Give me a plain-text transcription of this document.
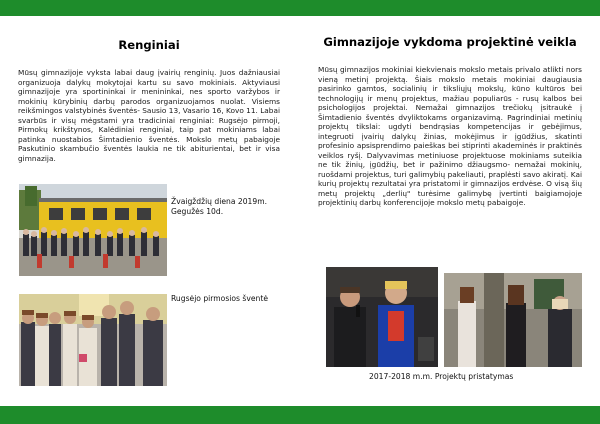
Renginiai

Mūsų gimnazijoje vyksta labai daug įvairių renginių. Juos dažniausiai organizuoja dalykų mokytojai kartu su savo mokiniais. Aktyviausi gimnazijoje yra sportininkai ir menininkai, nes sporto varžybos ir mokinių kūrybinių darbų parodos organizuojamos nuolat. Visiems reikšmingos valstybinės šventės- Sausio 13, Vasario 16, Kovo 11. Labai svarbūs ir visų mėgstami yra tradiciniai renginiai: Rugsėjo pirmoji, Pirmokų krikštynos, Kalėdiniai renginiai, taip pat mokiniams labai patinka nuostabios Šimtadienio šventės. Mokslo metų pabaigoje Paskutinio skambučio šventės laukia ne tik abiturientai, bet ir visa gimnazija.

Gimnazijoje vykdoma projektinė veikla

Mūsų gimnazijos mokiniai kiekvienais mokslo metais privalo atlikti nors vieną metinį projektą. Šiais mokslo metais mokiniai daugiausia pasirinko gamtos, socialinių ir tiksliųjų mokslų, kūno kultūros bei technologijų ir menų projektus, mažiau populiarūs - rusų kalbos bei psichologijos projektai. Nemažai gimnazijos trečiokų įsitraukė į Šimtadienio šventės dvyliktokams organizavimą. Pagrindiniai metinių projektų tikslai: ugdyti bendrąsias kompetencijas ir gebėjimus, integruoti įvairių dalykų žinias, mokėjimus ir įgūdžius, skatinti profesinio apsisprendimo paieškas bei stiprinti akademinės ir praktinės veiklos ryšį. Dalyvavimas metiniuose projektuose mokiniams suteikia ne tik žinių, įgūdžių, bet ir pažinimo džiaugsmo- nemažai mokinių, ruošdami projektus, turi galimybių pakeliauti, praplėsti savo akiratį. Kai kurių projektų rezultatai yra pristatomi ir gimnazijos erdvėse. O visą šių metų projektų „derlių" turėsime galimybę įvertinti baigiamojoje projektinių darbų konferencijoje mokslo metų pabaigoje.

Žvaigždžių diena 2019m. Gegužės 10d.
Rugsėjo pirmosios šventė
2017-2018 m.m. Projektų pristatymas
